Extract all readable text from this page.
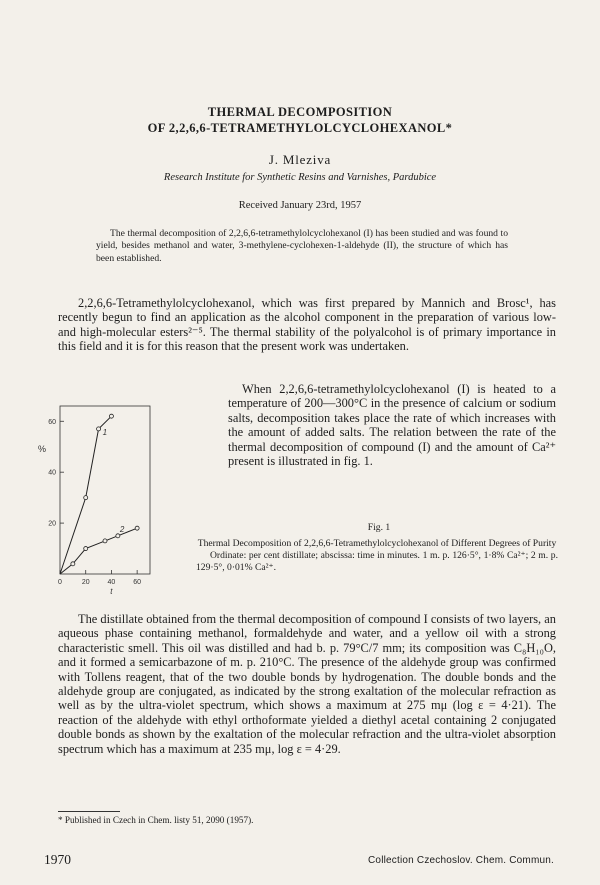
THERMAL DECOMPOSITION
OF 2,2,6,6-TETRAMETHYLOLCYCLOHEXANOL*
J. Mleziva
Research Institute for Synthetic Resins and Varnishes, Pardubice
Received January 23rd, 1957
The thermal decomposition of 2,2,6,6-tetramethylolcyclohexanol (I) has been studied and was found to yield, besides methanol and water, 3-methylene-cyclohexen-1-aldehyde (II), the structure of which has been established.
2,2,6,6-Tetramethylolcyclohexanol, which was first prepared by Mannich and Brosc¹, has recently begun to find an application as the alcohol component in the preparation of various low- and high-molecular esters²⁻⁵. The thermal stability of the polyalcohol is of primary importance in this field and it is for this reason that the present work was undertaken.
20
40
60
0	20	40	60
%
t
1
2
When 2,2,6,6-tetramethylolcyclohexanol (I) is heated to a temperature of 200—300°C in the presence of calcium or sodium salts, decomposition takes place the rate of which increases with the amount of added salts. The relation between the rate of the thermal decomposition of compound (I) and the amount of Ca²⁺ present is illustrated in fig. 1.
Fig. 1
Thermal Decomposition of 2,2,6,6-Tetramethylolcyclohexanol of Different Degrees of Purity
Ordinate: per cent distillate; abscissa: time in minutes. 1 m. p. 126·5°, 1·8% Ca²⁺; 2 m. p. 129·5°, 0·01% Ca²⁺.
The distillate obtained from the thermal decomposition of compound I consists of two layers, an aqueous phase containing methanol, formaldehyde and water, and a yellow oil with a strong characteristic smell. This oil was distilled and had b. p. 79°C/7 mm; its composition was C₈H₁₀O, and it formed a semicarbazone of m. p. 210°C. The presence of the aldehyde group was confirmed with Tollens reagent, that of the two double bonds by hydrogenation. The double bonds and the aldehyde group are conjugated, as indicated by the strong exaltation of the molecular refraction as well as by the ultra-violet spectrum, which shows a maximum at 275 mμ (log ε = 4·21). The reaction of the aldehyde with ethyl orthoformate yielded a diethyl acetal containing 2 conjugated double bonds as shown by the exaltation of the molecular refraction and the ultra-violet absorption spectrum which has a maximum at 235 mμ, log ε = 4·29.
* Published in Czech in Chem. listy 51, 2090 (1957).
1970	Collection Czechoslov. Chem. Commun.
